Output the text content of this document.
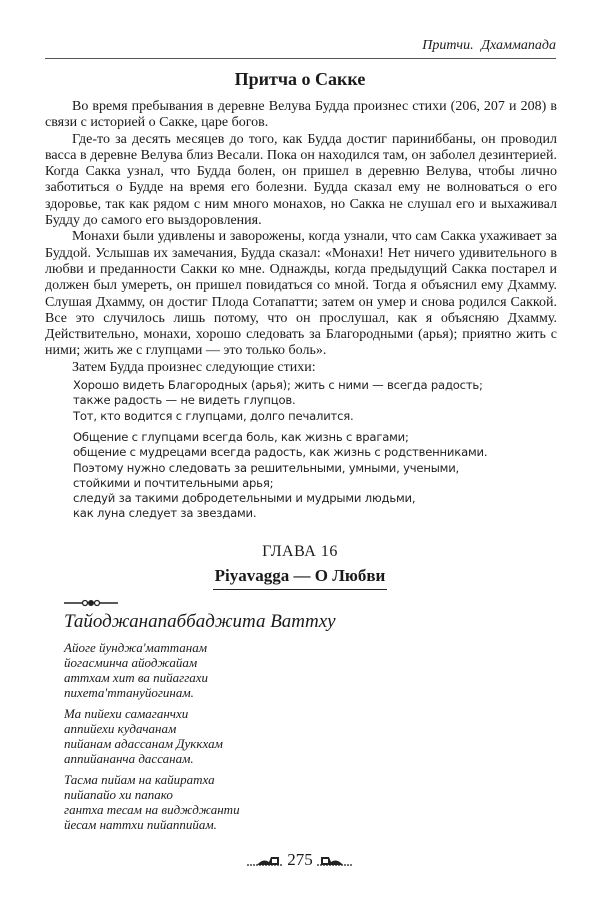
Притчи. Дхаммапада
Притча о Сакке

Во время пребывания в деревне Велува Будда произнес стихи (206, 207 и 208) в связи с историей о Сакке, царе богов.

Где-то за десять месяцев до того, как Будда достиг париниббаны, он проводил васса в деревне Велува близ Весали. Пока он находился там, он заболел дезинтерией. Когда Сакка узнал, что Будда болен, он пришел в деревню Велува, чтобы лично заботиться о Будде на время его болезни. Будда сказал ему не волноваться о его здоровье, так как рядом с ним много монахов, но Сакка не слушал его и выхаживал Будду до самого его выздоровления.

Монахи были удивлены и заворожены, когда узнали, что сам Сакка ухаживает за Буддой. Услышав их замечания, Будда сказал: «Монахи! Нет ничего удивительного в любви и преданности Сакки ко мне. Однажды, когда предыдущий Сакка постарел и должен был умереть, он пришел повидаться со мной. Тогда я объяснил ему Дхамму. Слушая Дхамму, он достиг Плода Сотапатти; затем он умер и снова родился Саккой. Все это случилось лишь потому, что он прослушал, как я объясняю Дхамму. Действительно, монахи, хорошо следовать за Благородными (арья); приятно жить с ними; жить же с глупцами — это только боль».

Затем Будда произнес следующие стихи:

Хорошо видеть Благородных (арья); жить с ними — всегда радость;
также радость — не видеть глупцов.
Тот, кто водится с глупцами, долго печалится.
Общение с глупцами всегда боль, как жизнь с врагами;
общение с мудрецами всегда радость, как жизнь с родственниками.
Поэтому нужно следовать за решительными, умными, учеными,
стойкими и почтительными арья;
следуй за такими добродетельными и мудрыми людьми,
как луна следует за звездами.
ГЛАВА 16
Piyavagga — О Любви
Тайоджанапаббаджита Ваттху
Айоге йунджа'маттанам
йогасминча айоджайам
аттхам хит ва пийаггахи
пихета'ттануйогинам.
Ма пийехи самаганчхи
аппийехи кудачанам
пийанам адассанам Дуккхам
аппийананча дассанам.
Тасма пийам на кайиратха
пийапайо хи папако
гантха тесам на виджджанти
йесам наттхи пийаппийам.
275
